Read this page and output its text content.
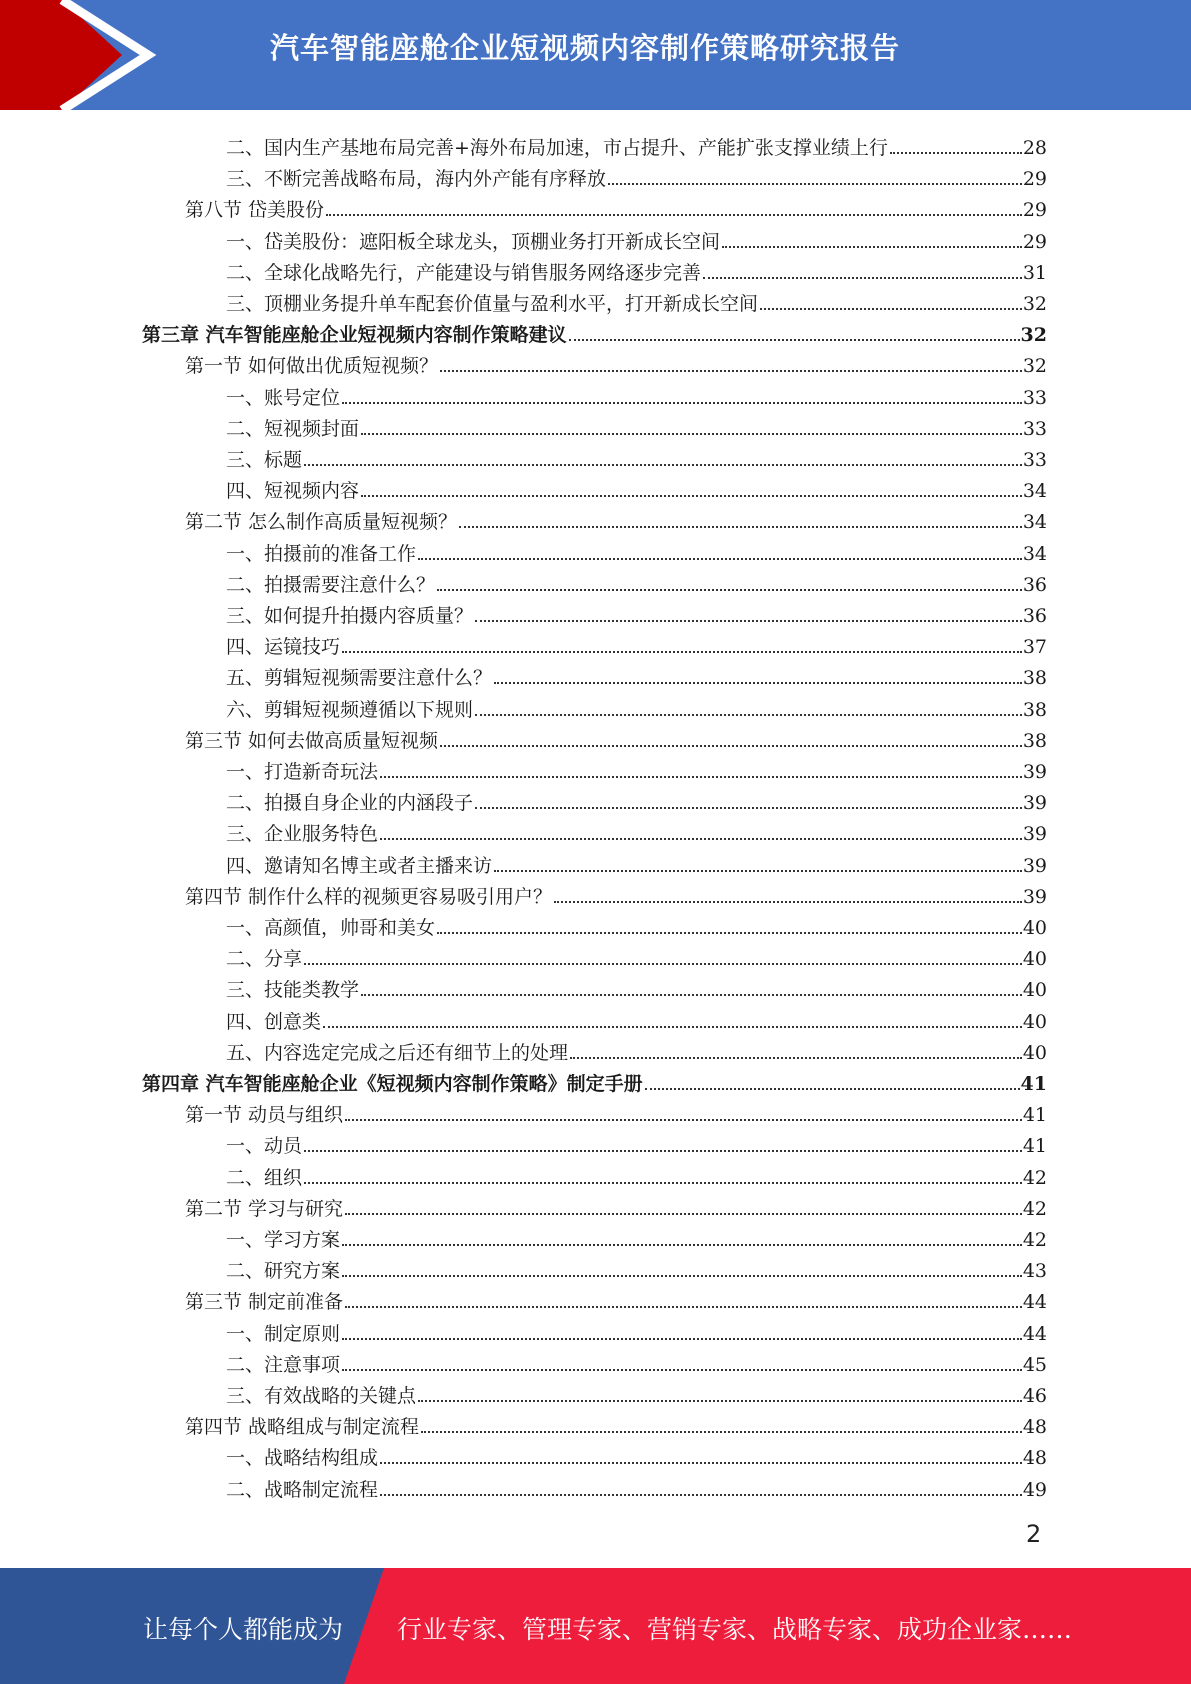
汽车智能座舱企业短视频内容制作策略研究报告
二、国内生产基地布局完善+海外布局加速，市占提升、产能扩张支撑业绩上行	28
三、不断完善战略布局，海内外产能有序释放	29
第八节 岱美股份	29
一、岱美股份：遮阳板全球龙头，顶棚业务打开新成长空间	29
二、全球化战略先行，产能建设与销售服务网络逐步完善	31
三、顶棚业务提升单车配套价值量与盈利水平，打开新成长空间	32
第三章 汽车智能座舱企业短视频内容制作策略建议	32
第一节 如何做出优质短视频？	32
一、账号定位	33
二、短视频封面	33
三、标题	33
四、短视频内容	34
第二节 怎么制作高质量短视频？	34
一、拍摄前的准备工作	34
二、拍摄需要注意什么？	36
三、如何提升拍摄内容质量？	36
四、运镜技巧	37
五、剪辑短视频需要注意什么？	38
六、剪辑短视频遵循以下规则	38
第三节 如何去做高质量短视频	38
一、打造新奇玩法	39
二、拍摄自身企业的内涵段子	39
三、企业服务特色	39
四、邀请知名博主或者主播来访	39
第四节 制作什么样的视频更容易吸引用户？	39
一、高颜值，帅哥和美女	40
二、分享	40
三、技能类教学	40
四、创意类	40
五、内容选定完成之后还有细节上的处理	40
第四章 汽车智能座舱企业《短视频内容制作策略》制定手册	41
第一节 动员与组织	41
一、动员	41
二、组织	42
第二节 学习与研究	42
一、学习方案	42
二、研究方案	43
第三节 制定前准备	44
一、制定原则	44
二、注意事项	45
三、有效战略的关键点	46
第四节 战略组成与制定流程	48
一、战略结构组成	48
二、战略制定流程	49
2
让每个人都能成为 行业专家、管理专家、营销专家、战略专家、成功企业家……
